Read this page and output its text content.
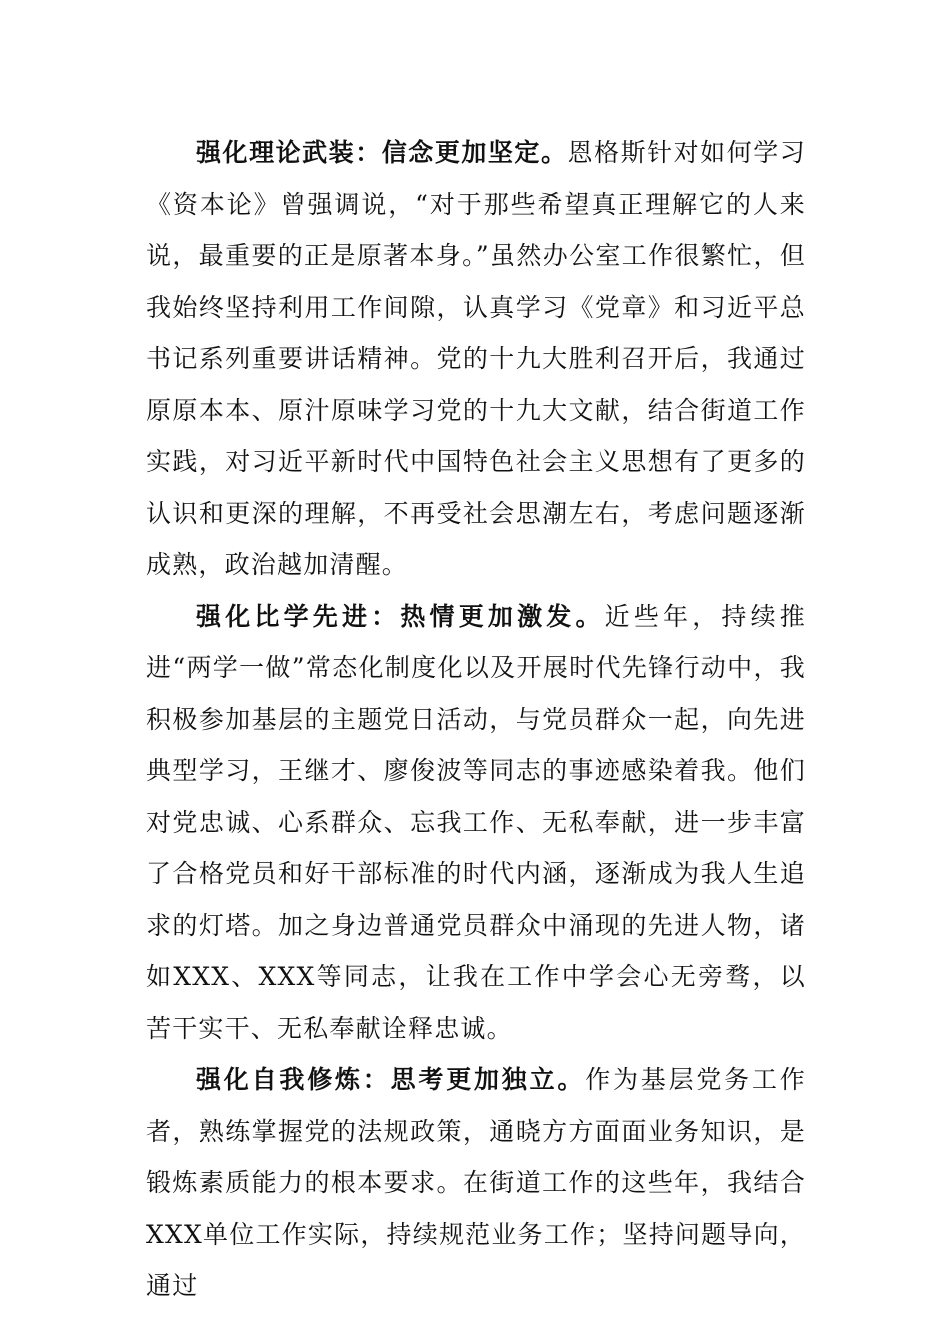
强化理论武装：信念更加坚定。恩格斯针对如何学习《资本论》曾强调说，“对于那些希望真正理解它的人来说，最重要的正是原著本身。”虽然办公室工作很繁忙，但我始终坚持利用工作间隙，认真学习《党章》和习近平总书记系列重要讲话精神。党的十九大胜利召开后，我通过原原本本、原汁原味学习党的十九大文献，结合街道工作实践，对习近平新时代中国特色社会主义思想有了更多的认识和更深的理解，不再受社会思潮左右，考虑问题逐渐成熟，政治越加清醒。

强化比学先进：热情更加激发。近些年，持续推进“两学一做”常态化制度化以及开展时代先锋行动中，我积极参加基层的主题党日活动，与党员群众一起，向先进典型学习，王继才、廖俊波等同志的事迹感染着我。他们对党忠诚、心系群众、忘我工作、无私奉献，进一步丰富了合格党员和好干部标准的时代内涵，逐渐成为我人生追求的灯塔。加之身边普通党员群众中涌现的先进人物，诸如XXX、XXX等同志，让我在工作中学会心无旁骛，以苦干实干、无私奉献诠释忠诚。

强化自我修炼：思考更加独立。作为基层党务工作者，熟练掌握党的法规政策，通晓方方面面业务知识，是锻炼素质能力的根本要求。在街道工作的这些年，我结合XXX单位工作实际，持续规范业务工作；坚持问题导向，通过
